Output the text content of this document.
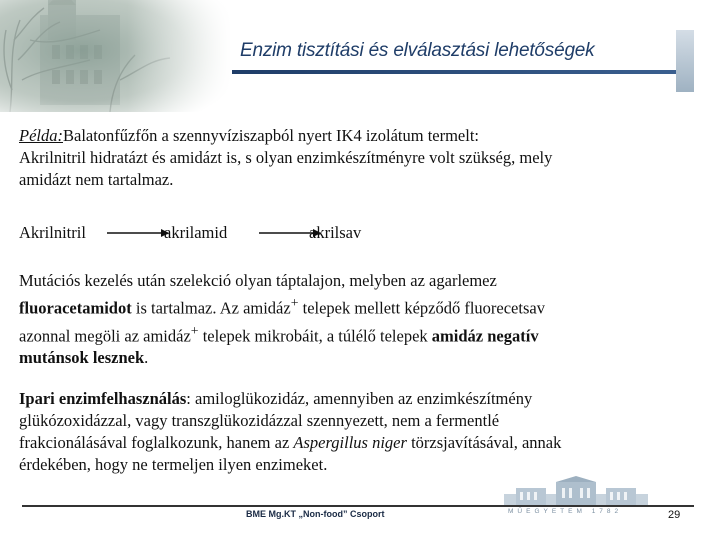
Enzim tisztítási és elválasztási lehetőségek

Példa:Balatonfűzfőn a szennyvíziszapból nyert IK4 izolátum termelt:
Akrilnitril hidratázt és amidázt is, s olyan enzimkészítményre volt szükség, mely
amidázt nem tartalmaz.

Akrilnitril →
akrilamid	akrilsav

Mutációs kezelés után szelekció olyan táptalajon, melyben az agarlemez
fluoracetamidot is tartalmaz. Az amidáz+ telepek mellett képződő fluorecetsav
azonnal megöli az amidáz+ telepek mikrobáit, a túlélő telepek amidáz negatív
mutánsok lesznek.

Ipari enzimfelhasználás: amiloglükozidáz, amennyiben az enzimkészítmény
glükózoxidázzal, vagy transzglükozidázzal szennyezett, nem a fermentlé
frakcionálásával foglalkozunk, hanem az Aspergillus niger törzsjavításával, annak
érdekében, hogy ne termeljen ilyen enzimeket.

MŰEGYETEM 1782
BME Mg.KT „Non-food” Csoport	29
